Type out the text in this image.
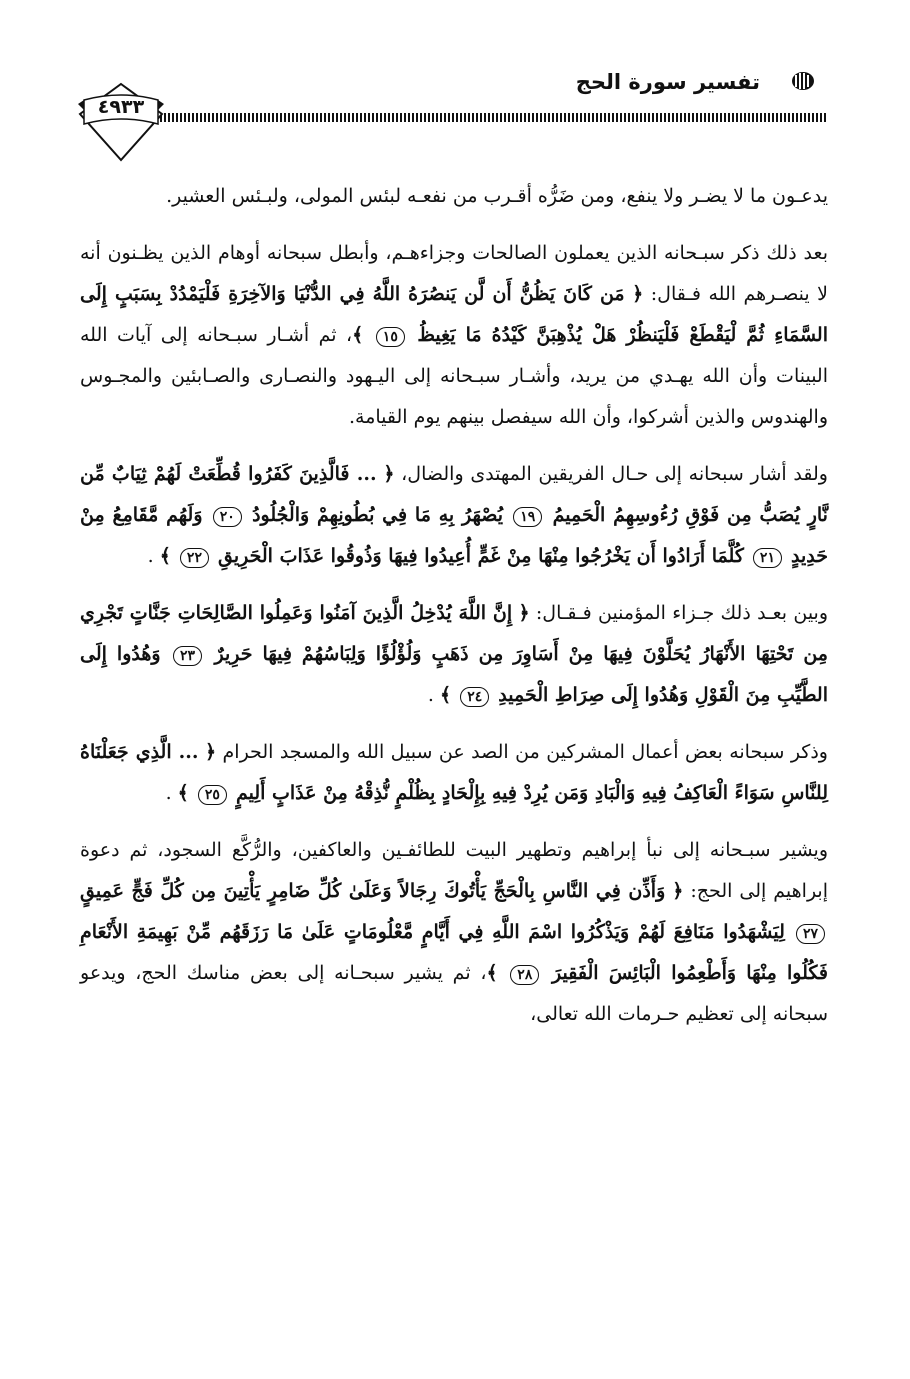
تفسير سورة الحج
٤٩٣٣

يدعـون ما لا يضـر ولا ينفع، ومن ضَرُّه أقـرب من نفعـه لبئس المولى، ولبـئس العشير.

بعد ذلك ذكر سبـحانه الذين يعملون الصالحات وجزاءهـم، وأبطل سبحانه أوهام الذين يظـنون أنه لا ينصـرهم الله فـقال: ﴿ مَن كَانَ يَظُنُّ أَن لَّن يَنصُرَهُ اللَّهُ فِي الدُّنْيَا وَالآخِرَةِ فَلْيَمْدُدْ بِسَبَبٍ إِلَى السَّمَاءِ ثُمَّ لْيَقْطَعْ فَلْيَنظُرْ هَلْ يُذْهِبَنَّ كَيْدُهُ مَا يَغِيظُ ١٥ ﴾، ثم أشـار سبـحانه إلى آيات الله البينات وأن الله يهـدي من يريد، وأشـار سبـحانه إلى اليـهود والنصـارى والصـابئين والمجـوس والهندوس والذين أشركوا، وأن الله سيفصل بينهم يوم القيامة.

ولقد أشار سبحانه إلى حـال الفريقين المهتدى والضال، ﴿ ... فَالَّذِينَ كَفَرُوا قُطِّعَتْ لَهُمْ ثِيَابٌ مِّن نَّارٍ يُصَبُّ مِن فَوْقِ رُءُوسِهِمُ الْحَمِيمُ ١٩ يُصْهَرُ بِهِ مَا فِي بُطُونِهِمْ وَالْجُلُودُ ٢٠ وَلَهُم مَّقَامِعُ مِنْ حَدِيدٍ ٢١ كُلَّمَا أَرَادُوا أَن يَخْرُجُوا مِنْهَا مِنْ غَمٍّ أُعِيدُوا فِيهَا وَذُوقُوا عَذَابَ الْحَرِيقِ ٢٢ ﴾ .

وبين بعـد ذلك جـزاء المؤمنين فـقـال: ﴿ إِنَّ اللَّهَ يُدْخِلُ الَّذِينَ آمَنُوا وَعَمِلُوا الصَّالِحَاتِ جَنَّاتٍ تَجْرِي مِن تَحْتِهَا الأَنْهَارُ يُحَلَّوْنَ فِيهَا مِنْ أَسَاوِرَ مِن ذَهَبٍ وَلُؤْلُؤًا وَلِبَاسُهُمْ فِيهَا حَرِيرٌ ٢٣ وَهُدُوا إِلَى الطَّيِّبِ مِنَ الْقَوْلِ وَهُدُوا إِلَى صِرَاطِ الْحَمِيدِ ٢٤ ﴾ .

وذكر سبحانه بعض أعمال المشركين من الصد عن سبيل الله والمسجد الحرام ﴿ ... الَّذِي جَعَلْنَاهُ لِلنَّاسِ سَوَاءً الْعَاكِفُ فِيهِ وَالْبَادِ وَمَن يُرِدْ فِيهِ بِإِلْحَادٍ بِظُلْمٍ نُّذِقْهُ مِنْ عَذَابٍ أَلِيمٍ ٢٥ ﴾ .

ويشير سبـحانه إلى نبأ إبراهيم وتطهير البيت للطائفـين والعاكفين، والرُّكَّع السجود، ثم دعوة إبراهيم إلى الحج: ﴿ وَأَذِّن فِي النَّاسِ بِالْحَجِّ يَأْتُوكَ رِجَالاً وَعَلَىٰ كُلِّ ضَامِرٍ يَأْتِينَ مِن كُلِّ فَجٍّ عَمِيقٍ ٢٧ لِيَشْهَدُوا مَنَافِعَ لَهُمْ وَيَذْكُرُوا اسْمَ اللَّهِ فِي أَيَّامٍ مَّعْلُومَاتٍ عَلَىٰ مَا رَزَقَهُم مِّنْ بَهِيمَةِ الأَنْعَامِ فَكُلُوا مِنْهَا وَأَطْعِمُوا الْبَائِسَ الْفَقِيرَ ٢٨ ﴾، ثم يشير سبحـانه إلى بعض مناسك الحج، ويدعو سبحانه إلى تعظيم حـرمات الله تعالى،
